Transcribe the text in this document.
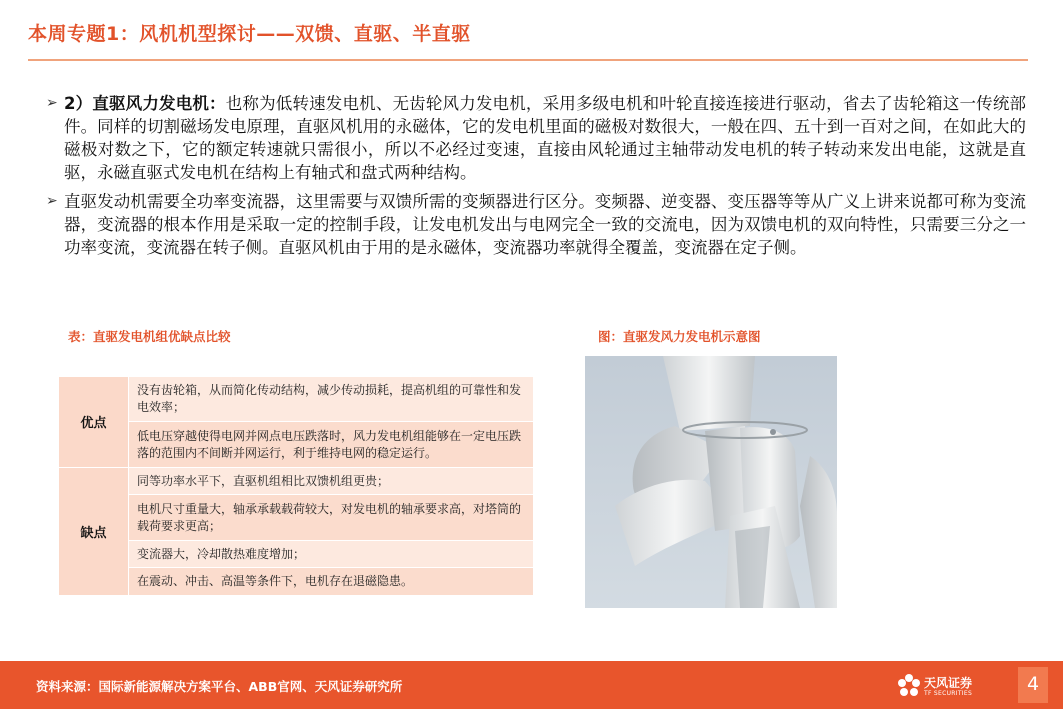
本周专题1：风机机型探讨——双馈、直驱、半直驱
➢ 2）直驱风力发电机：也称为低转速发电机、无齿轮风力发电机，采用多级电机和叶轮直接连接进行驱动，省去了齿轮箱这一传统部件。同样的切割磁场发电原理，直驱风机用的永磁体，它的发电机里面的磁极对数很大，一般在四、五十到一百对之间，在如此大的磁极对数之下，它的额定转速就只需很小，所以不必经过变速，直接由风轮通过主轴带动发电机的转子转动来发出电能，这就是直驱，永磁直驱式发电机在结构上有轴式和盘式两种结构。
➢ 直驱发动机需要全功率变流器，这里需要与双馈所需的变频器进行区分。变频器、逆变器、变压器等等从广义上讲来说都可称为变流器，变流器的根本作用是采取一定的控制手段，让发电机发出与电网完全一致的交流电，因为双馈电机的双向特性，只需要三分之一功率变流，变流器在转子侧。直驱风机由于用的是永磁体，变流器功率就得全覆盖，变流器在定子侧。
表：直驱发电机组优缺点比较	图：直驱发风力发电机示意图
优点	没有齿轮箱，从而简化传动结构，减少传动损耗，提高机组的可靠性和发电效率；
	低电压穿越使得电网并网点电压跌落时，风力发电机组能够在一定电压跌落的范围内不间断并网运行，利于维持电网的稳定运行。
缺点	同等功率水平下，直驱机组相比双馈机组更贵；
	电机尺寸重量大，轴承承载载荷较大，对发电机的轴承要求高，对塔筒的载荷要求更高；
	变流器大，冷却散热难度增加；
	在震动、冲击、高温等条件下，电机存在退磁隐患。
资料来源：国际新能源解决方案平台、ABB官网、天风证券研究所	天风证券
TF SECURITIES	4
